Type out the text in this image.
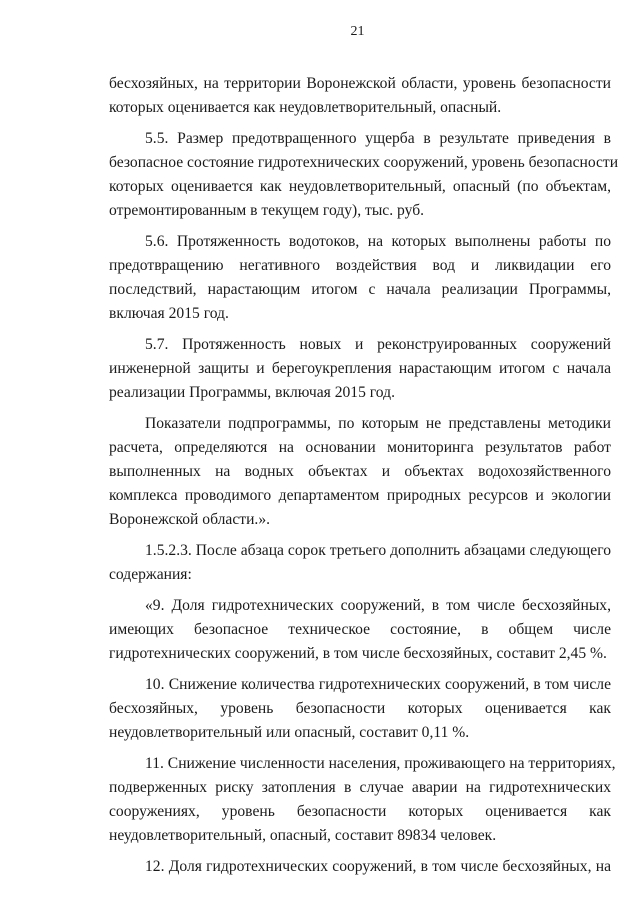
21
бесхозяйных, на территории Воронежской области, уровень безопасности
которых оценивается как неудовлетворительный, опасный.
5.5. Размер предотвращенного ущерба в результате приведения в
безопасное состояние гидротехнических сооружений, уровень безопасности
которых оценивается как неудовлетворительный, опасный (по объектам,
отремонтированным в текущем году), тыс. руб.
5.6. Протяженность водотоков, на которых выполнены работы по
предотвращению негативного воздействия вод и ликвидации его
последствий, нарастающим итогом с начала реализации Программы,
включая 2015 год.
5.7. Протяженность новых и реконструированных сооружений
инженерной защиты и берегоукрепления нарастающим итогом с начала
реализации Программы, включая 2015 год.
Показатели подпрограммы, по которым не представлены методики
расчета, определяются на основании мониторинга результатов работ
выполненных на водных объектах и объектах водохозяйственного
комплекса проводимого департаментом природных ресурсов и экологии
Воронежской области.».
1.5.2.3. После абзаца сорок третьего дополнить абзацами следующего
содержания:
«9. Доля гидротехнических сооружений, в том числе бесхозяйных,
имеющих безопасное техническое состояние, в общем числе
гидротехнических сооружений, в том числе бесхозяйных, составит 2,45 %.
10. Снижение количества гидротехнических сооружений, в том числе
бесхозяйных, уровень безопасности которых оценивается как
неудовлетворительный или опасный, составит 0,11 %.
11. Снижение численности населения, проживающего на территориях,
подверженных риску затопления в случае аварии на гидротехнических
сооружениях, уровень безопасности которых оценивается как
неудовлетворительный, опасный, составит 89834 человек.
12. Доля гидротехнических сооружений, в том числе бесхозяйных, на
